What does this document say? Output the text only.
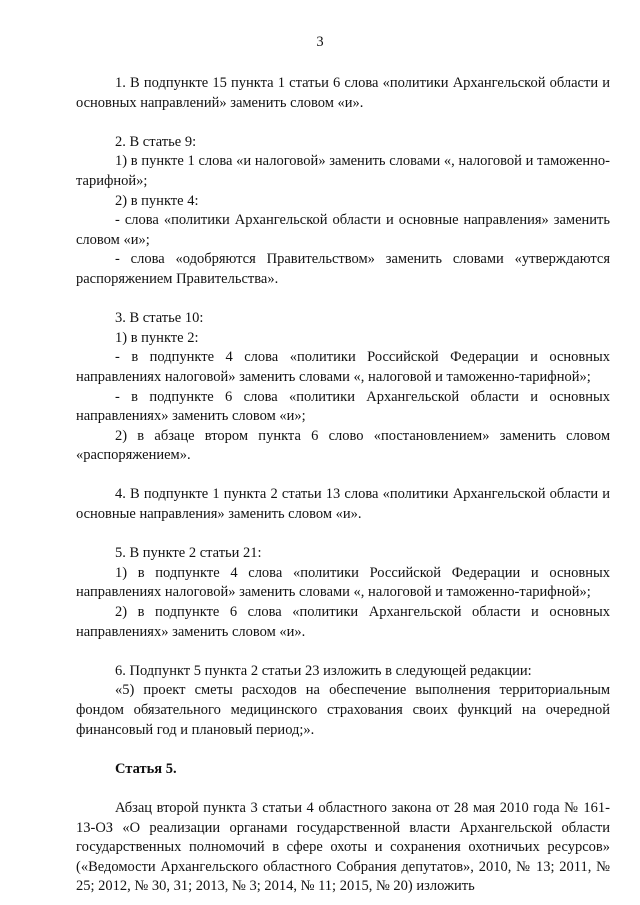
3

1. В подпункте 15 пункта 1 статьи 6 слова «политики Архангельской области и основных направлений» заменить словом «и».

2. В статье 9:

1) в пункте 1 слова «и налоговой» заменить словами «, налоговой и таможенно-тарифной»;

2) в пункте 4:

- слова «политики Архангельской области и основные направления» заменить словом «и»;

- слова «одобряются Правительством» заменить словами «утверждаются распоряжением Правительства».

3. В статье 10:

1) в пункте 2:

- в подпункте 4 слова «политики Российской Федерации и основных направлениях налоговой» заменить словами «, налоговой и таможенно-тарифной»;

- в подпункте 6 слова «политики Архангельской области и основных направлениях» заменить словом «и»;

2) в абзаце втором пункта 6 слово «постановлением» заменить словом «распоряжением».

4. В подпункте 1 пункта 2 статьи 13 слова «политики Архангельской области и основные направления» заменить словом «и».

5. В пункте 2 статьи 21:

1) в подпункте 4 слова «политики Российской Федерации и основных направлениях налоговой» заменить словами «, налоговой и таможенно-тарифной»;

2) в подпункте 6 слова «политики Архангельской области и основных направлениях» заменить словом «и».

6. Подпункт 5 пункта 2 статьи 23 изложить в следующей редакции:

«5) проект сметы расходов на обеспечение выполнения территориальным фондом обязательного медицинского страхования своих функций на очередной финансовый год и плановый период;».

Статья 5.

Абзац второй пункта 3 статьи 4 областного закона от 28 мая 2010 года № 161-13-ОЗ «О реализации органами государственной власти Архангельской области государственных полномочий в сфере охоты и сохранения охотничьих ресурсов» («Ведомости Архангельского областного Собрания депутатов», 2010, № 13; 2011, № 25; 2012, № 30, 31; 2013, № 3; 2014, № 11; 2015, № 20) изложить
